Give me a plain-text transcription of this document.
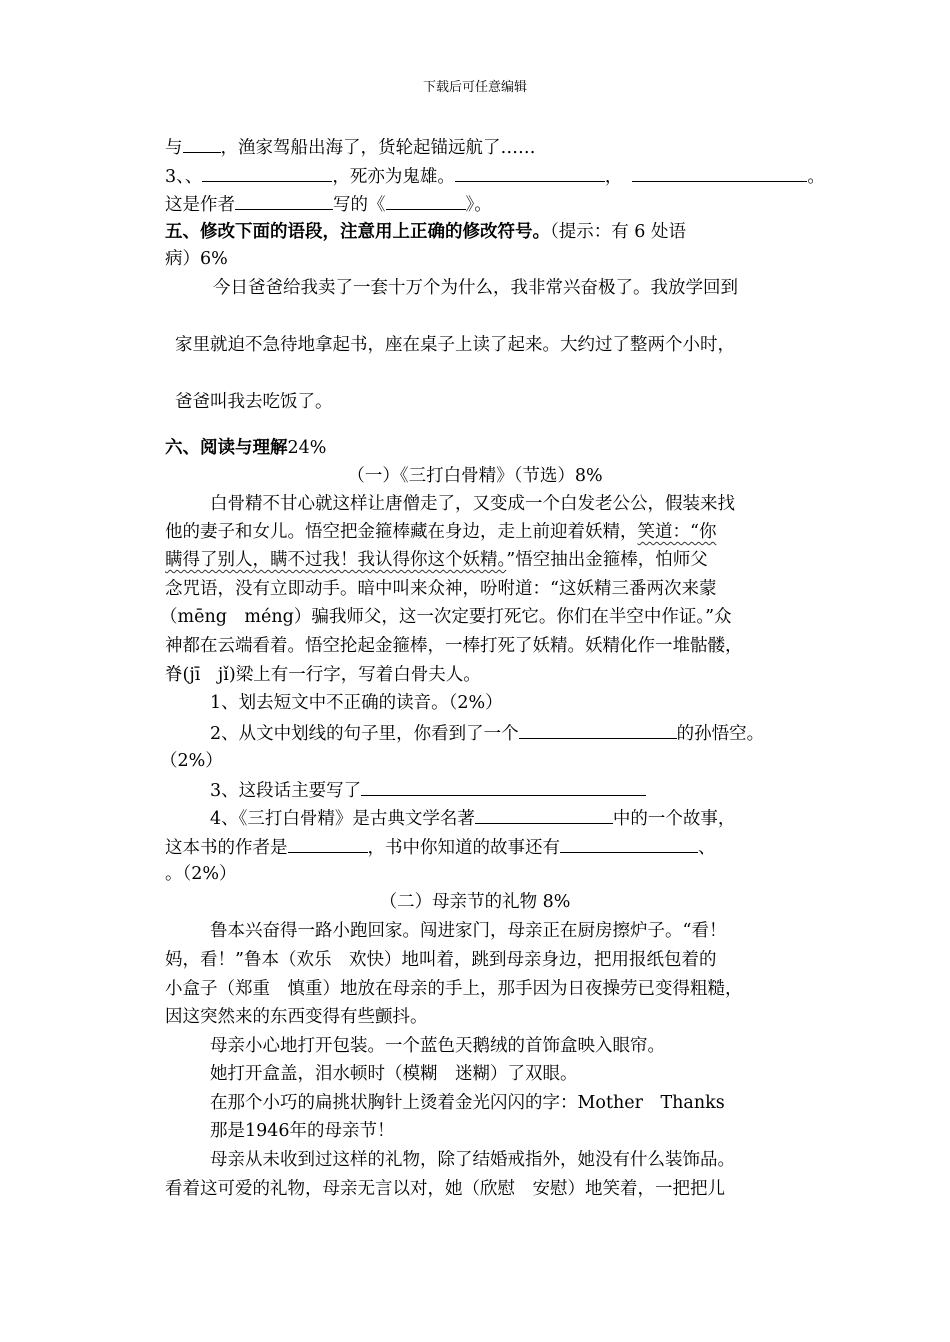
下载后可任意编辑
与 ，渔家驾船出海了，货轮起锚远航了……
3、、	，死亦为鬼雄。	，	。
这是作者	写的《	》。
五、修改下面的语段，注意用上正确的修改符号。（提示：有 6 处语
病）6%
今日爸爸给我卖了一套十万个为什么，我非常兴奋极了。我放学回到
家里就迫不急待地拿起书，座在桌子上读了起来。大约过了整两个小时，
爸爸叫我去吃饭了。
六、阅读与理解24%
（一）《三打白骨精》（节选）8%
白骨精不甘心就这样让唐僧走了，又变成一个白发老公公，假装来找
他的妻子和女儿。悟空把金箍棒藏在身边，走上前迎着妖精，笑道：“你
瞒得了别人，瞒不过我！我认得你这个妖精。”悟空抽出金箍棒，怕师父
念咒语，没有立即动手。暗中叫来众神，吩咐道：“这妖精三番两次来蒙
（mēng　méng）骗我师父，这一次定要打死它。你们在半空中作证。”众
神都在云端看着。悟空抡起金箍棒，一棒打死了妖精。妖精化作一堆骷髅，
脊(jī　jǐ)梁上有一行字，写着白骨夫人。
1、划去短文中不正确的读音。（2%）
2、从文中划线的句子里，你看到了一个	的孙悟空。
（2%）
3、这段话主要写了
4、《三打白骨精》是古典文学名著	中的一个故事，
这本书的作者是	，书中你知道的故事还有	、
。（2%）
（二）母亲节的礼物 8%
鲁本兴奋得一路小跑回家。闯进家门，母亲正在厨房擦炉子。“看！
妈，看！”鲁本（欢乐　欢快）地叫着，跳到母亲身边，把用报纸包着的
小盒子（郑重　慎重）地放在母亲的手上，那手因为日夜操劳已变得粗糙，
因这突然来的东西变得有些颤抖。
母亲小心地打开包装。一个蓝色天鹅绒的首饰盒映入眼帘。
她打开盒盖，泪水顿时（模糊　迷糊）了双眼。
在那个小巧的扁挑状胸针上烫着金光闪闪的字：Mother　Thanks
那是1946年的母亲节！
母亲从未收到过这样的礼物，除了结婚戒指外，她没有什么装饰品。
看着这可爱的礼物，母亲无言以对，她（欣慰　安慰）地笑着，一把把儿
